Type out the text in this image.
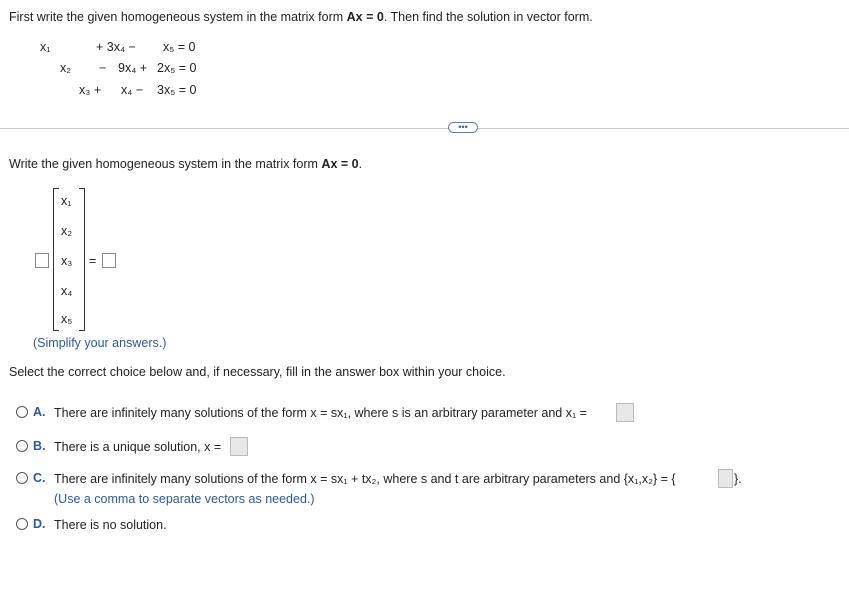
First write the given homogeneous system in the matrix form Ax = 0. Then find the solution in vector form.
x₁	+ 3x₄ − x₅ = 0
x₂ − 9x₄ + 2x₅ = 0
x₃ + x₄ − 3x₅ = 0
•••
Write the given homogeneous system in the matrix form Ax = 0.
x₁
x₂
x₃
x₄
x₅
=
(Simplify your answers.)
Select the correct choice below and, if necessary, fill in the answer box within your choice.
A. There are infinitely many solutions of the form x = sx₁, where s is an arbitrary parameter and x₁ =
B. There is a unique solution, x =
C. There are infinitely many solutions of the form x = sx₁ + tx₂, where s and t are arbitrary parameters and {x₁,x₂} = {	}.
(Use a comma to separate vectors as needed.)
D. There is no solution.
